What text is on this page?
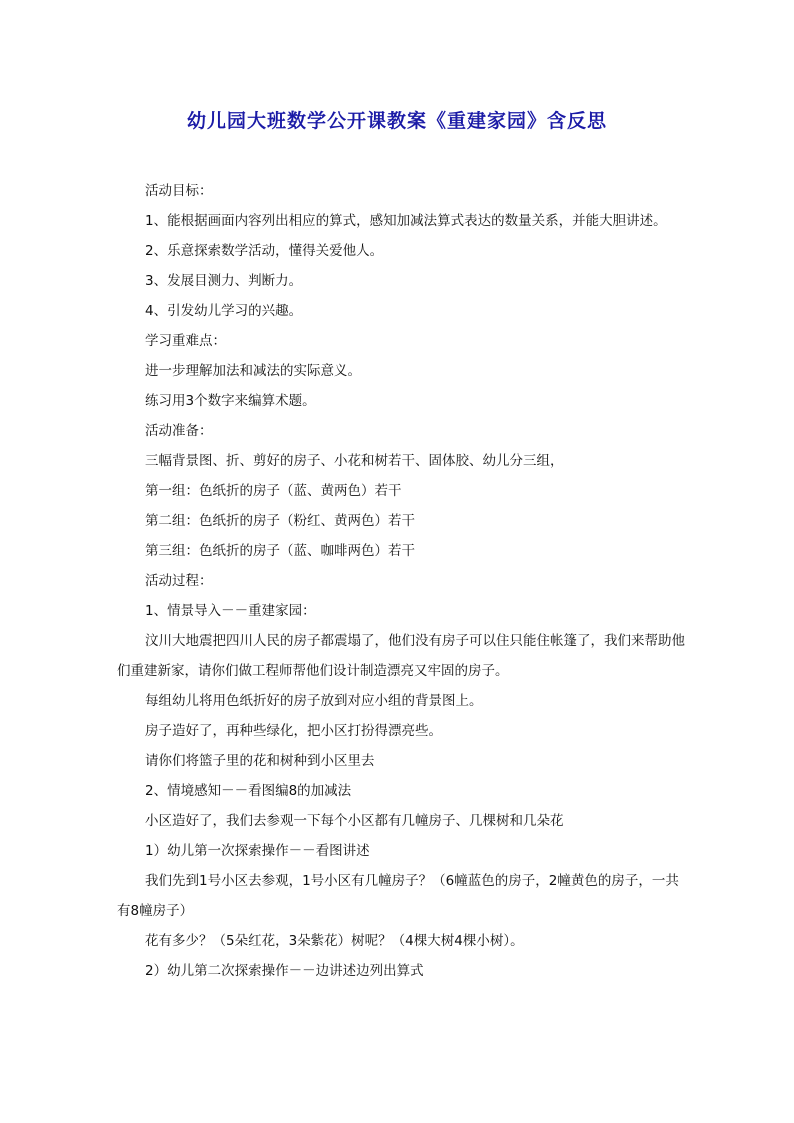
幼儿园大班数学公开课教案《重建家园》含反思

活动目标：

1、能根据画面内容列出相应的算式，感知加减法算式表达的数量关系，并能大胆讲述。

2、乐意探索数学活动，懂得关爱他人。

3、发展目测力、判断力。

4、引发幼儿学习的兴趣。

学习重难点：

进一步理解加法和减法的实际意义。

练习用3个数字来编算术题。

活动准备：

三幅背景图、折、剪好的房子、小花和树若干、固体胶、幼儿分三组，

第一组：色纸折的房子（蓝、黄两色）若干

第二组：色纸折的房子（粉红、黄两色）若干

第三组：色纸折的房子（蓝、咖啡两色）若干

活动过程：

1、情景导入－－重建家园：

汶川大地震把四川人民的房子都震塌了，他们没有房子可以住只能住帐篷了，我们来帮助他们重建新家，请你们做工程师帮他们设计制造漂亮又牢固的房子。

每组幼儿将用色纸折好的房子放到对应小组的背景图上。

房子造好了，再种些绿化，把小区打扮得漂亮些。

请你们将篮子里的花和树种到小区里去

2、情境感知－－看图编8的加减法

小区造好了，我们去参观一下每个小区都有几幢房子、几棵树和几朵花

1）幼儿第一次探索操作－－看图讲述

我们先到1号小区去参观，1号小区有几幢房子？（6幢蓝色的房子，2幢黄色的房子，一共有8幢房子）

花有多少？（5朵红花，3朵紫花）树呢？（4棵大树4棵小树）。

2）幼儿第二次探索操作－－边讲述边列出算式
